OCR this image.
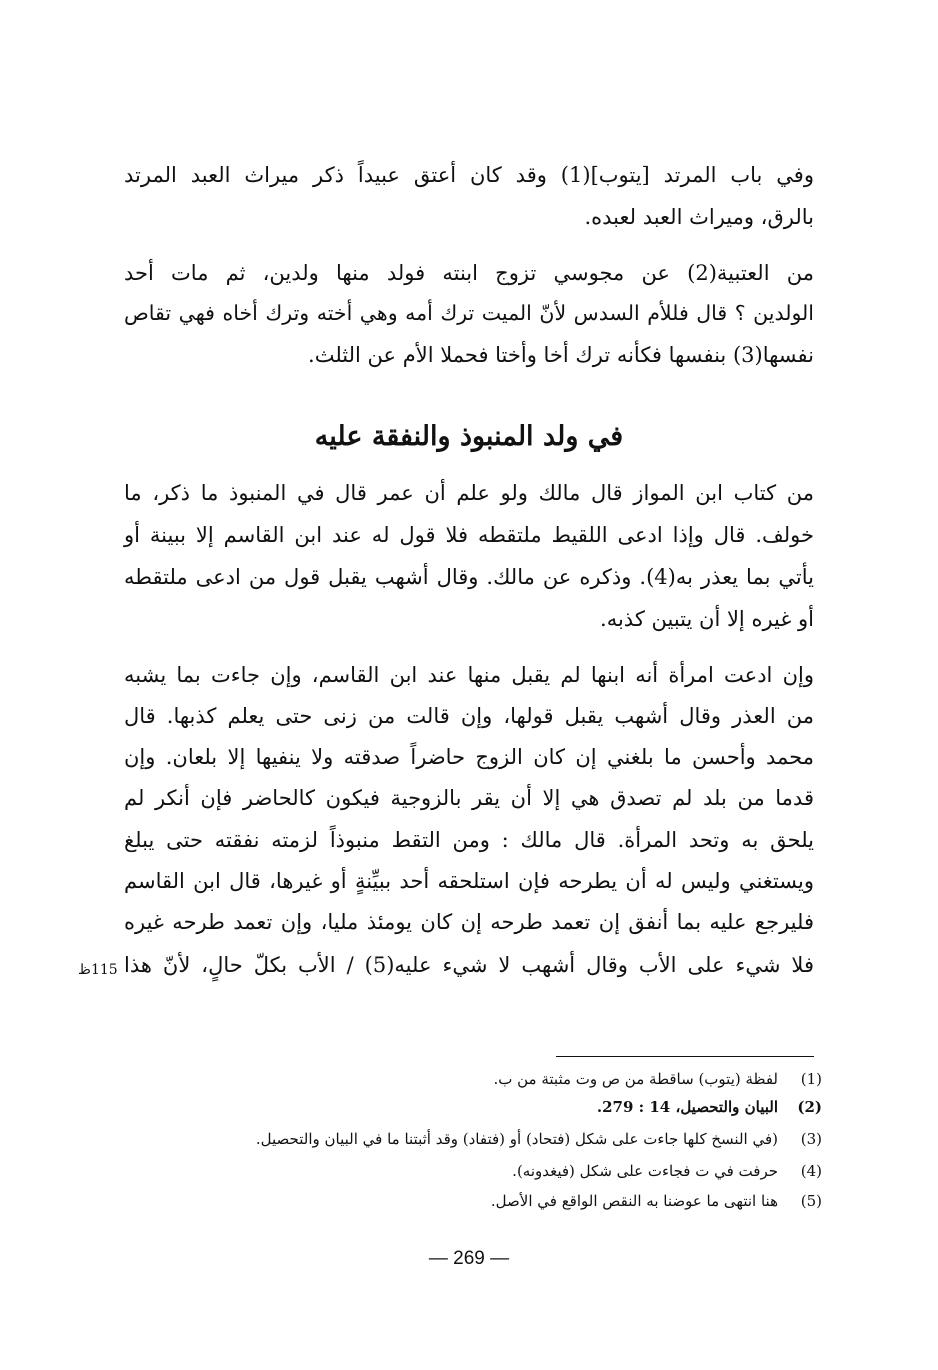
وفي باب المرتد [يتوب](1) وقد كان أعتق عبيداً ذكر ميراث العبد المرتد
بالرق، وميراث العبد لعبده.
من العتبية(2) عن مجوسي تزوج ابنته فولد منها ولدين، ثم مات أحد
الولدين ؟ قال فللأم السدس لأنّ الميت ترك أمه وهي أخته وترك أخاه فهي تقاص
نفسها(3) بنفسها فكأنه ترك أخا وأختا فحملا الأم عن الثلث.
في ولد المنبوذ والنفقة عليه
من كتاب ابن المواز قال مالك ولو علم أن عمر قال في المنبوذ ما ذكر، ما
خولف. قال وإذا ادعى اللقيط ملتقطه فلا قول له عند ابن القاسم إلا ببينة أو
يأتي بما يعذر به(4). وذكره عن مالك. وقال أشهب يقبل قول من ادعى ملتقطه
أو غيره إلا أن يتبين كذبه.
وإن ادعت امرأة أنه ابنها لم يقبل منها عند ابن القاسم، وإن جاءت بما يشبه
من العذر وقال أشهب يقبل قولها، وإن قالت من زنى حتى يعلم كذبها. قال
محمد وأحسن ما بلغني إن كان الزوج حاضراً صدقته ولا ينفيها إلا بلعان. وإن
قدما من بلد لم تصدق هي إلا أن يقر بالزوجية فيكون كالحاضر فإن أنكر لم
يلحق به وتحد المرأة. قال مالك : ومن التقط منبوذاً لزمته نفقته حتى يبلغ
ويستغني وليس له أن يطرحه فإن استلحقه أحد ببيِّنةٍ أو غيرها، قال ابن القاسم
فليرجع عليه بما أنفق إن تعمد طرحه إن كان يومئذ مليا، وإن تعمد طرحه غيره
فلا شيء على الأب وقال أشهب لا شيء عليه(5) / الأب بكلّ حالٍ، لأنّ هذا
115ظ
(1)لفظة (يتوب) ساقطة من ص وت مثبتة من ب.
(2)البيان والتحصيل، 14 : 279.
(3)(في النسخ كلها جاءت على شكل (فتحاد) أو (فتفاد) وقد أثبتنا ما في البيان والتحصيل.
(4)حرفت في ت فجاءت على شكل (فيغدونه).
(5)هنا انتهى ما عوضنا به النقص الواقع في الأصل.
— 269 —
